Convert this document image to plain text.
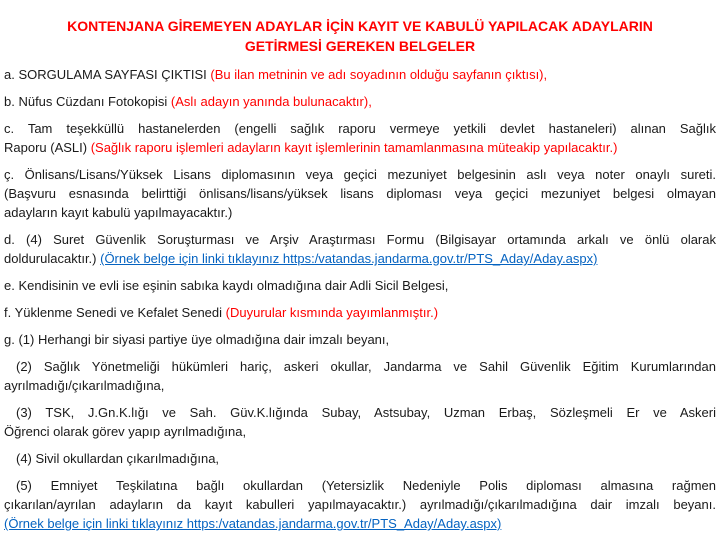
KONTENJANA GİREMEYEN ADAYLAR İÇİN KAYIT VE KABULÜ YAPILACAK ADAYLARIN GETİRMESİ GEREKEN BELGELER
a. SORGULAMA SAYFASI ÇIKTISI (Bu ilan metninin ve adı soyadının olduğu sayfanın çıktısı),
b. Nüfus Cüzdanı Fotokopisi (Aslı adayın yanında bulunacaktır),
c. Tam teşekküllü hastanelerden (engelli sağlık raporu vermeye yetkili devlet hastaneleri) alınan Sağlık
Raporu (ASLI) (Sağlık raporu işlemleri adayların kayıt işlemlerinin tamamlanmasına müteakip yapılacaktır.)
ç. Önlisans/Lisans/Yüksek Lisans diplomasının veya geçici mezuniyet belgesinin aslı veya noter onaylı sureti.
(Başvuru esnasında belirttiği önlisans/lisans/yüksek lisans diploması veya geçici mezuniyet belgesi olmayan
adayların kayıt kabulü yapılmayacaktır.)
d. (4) Suret Güvenlik Soruşturması ve Arşiv Araştırması Formu (Bilgisayar ortamında arkalı ve önlü olarak
doldurulacaktır.) (Örnek belge için linki tıklayınız https:/vatandas.jandarma.gov.tr/PTS_Aday/Aday.aspx)
e. Kendisinin ve evli ise eşinin sabıka kaydı olmadığına dair Adli Sicil Belgesi,
f. Yüklenme Senedi ve Kefalet Senedi (Duyurular kısmında yayımlanmıştır.)
g. (1) Herhangi bir siyasi partiye üye olmadığına dair imzalı beyanı,
(2) Sağlık Yönetmeliği hükümleri hariç, askeri okullar, Jandarma ve Sahil Güvenlik Eğitim Kurumlarından
ayrılmadığı/çıkarılmadığına,
(3) TSK, J.Gn.K.lığı ve Sah. Güv.K.lığında Subay, Astsubay, Uzman Erbaş, Sözleşmeli Er ve Askeri
Öğrenci olarak görev yapıp ayrılmadığına,
(4) Sivil okullardan çıkarılmadığına,
(5) Emniyet Teşkilatına bağlı okullardan (Yetersizlik Nedeniyle Polis diploması almasına rağmen
çıkarılan/ayrılan adayların da kayıt kabulleri yapılmayacaktır.) ayrılmadığı/çıkarılmadığına dair imzalı beyanı.
(Örnek belge için linki tıklayınız https:/vatandas.jandarma.gov.tr/PTS_Aday/Aday.aspx)
